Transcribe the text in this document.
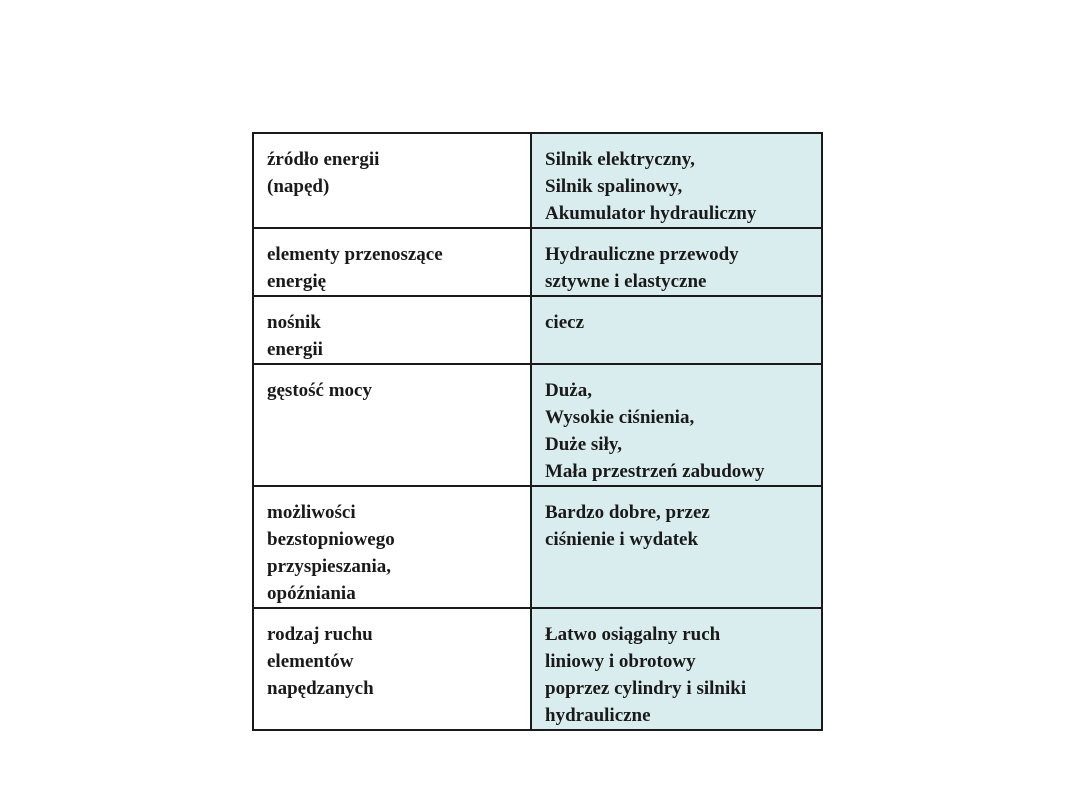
źródło energii
(napęd)	Silnik elektryczny,
Silnik spalinowy,
Akumulator hydrauliczny

elementy przenoszące
energię	Hydrauliczne przewody
sztywne i elastyczne

nośnik
energii	ciecz

gęstość mocy	Duża,
Wysokie ciśnienia,
Duże siły,
Mała przestrzeń zabudowy

możliwości
bezstopniowego
przyspieszania,
opóźniania	Bardzo dobre, przez
ciśnienie i wydatek

rodzaj ruchu
elementów
napędzanych	Łatwo osiągalny ruch
liniowy i obrotowy
poprzez cylindry i silniki
hydrauliczne
